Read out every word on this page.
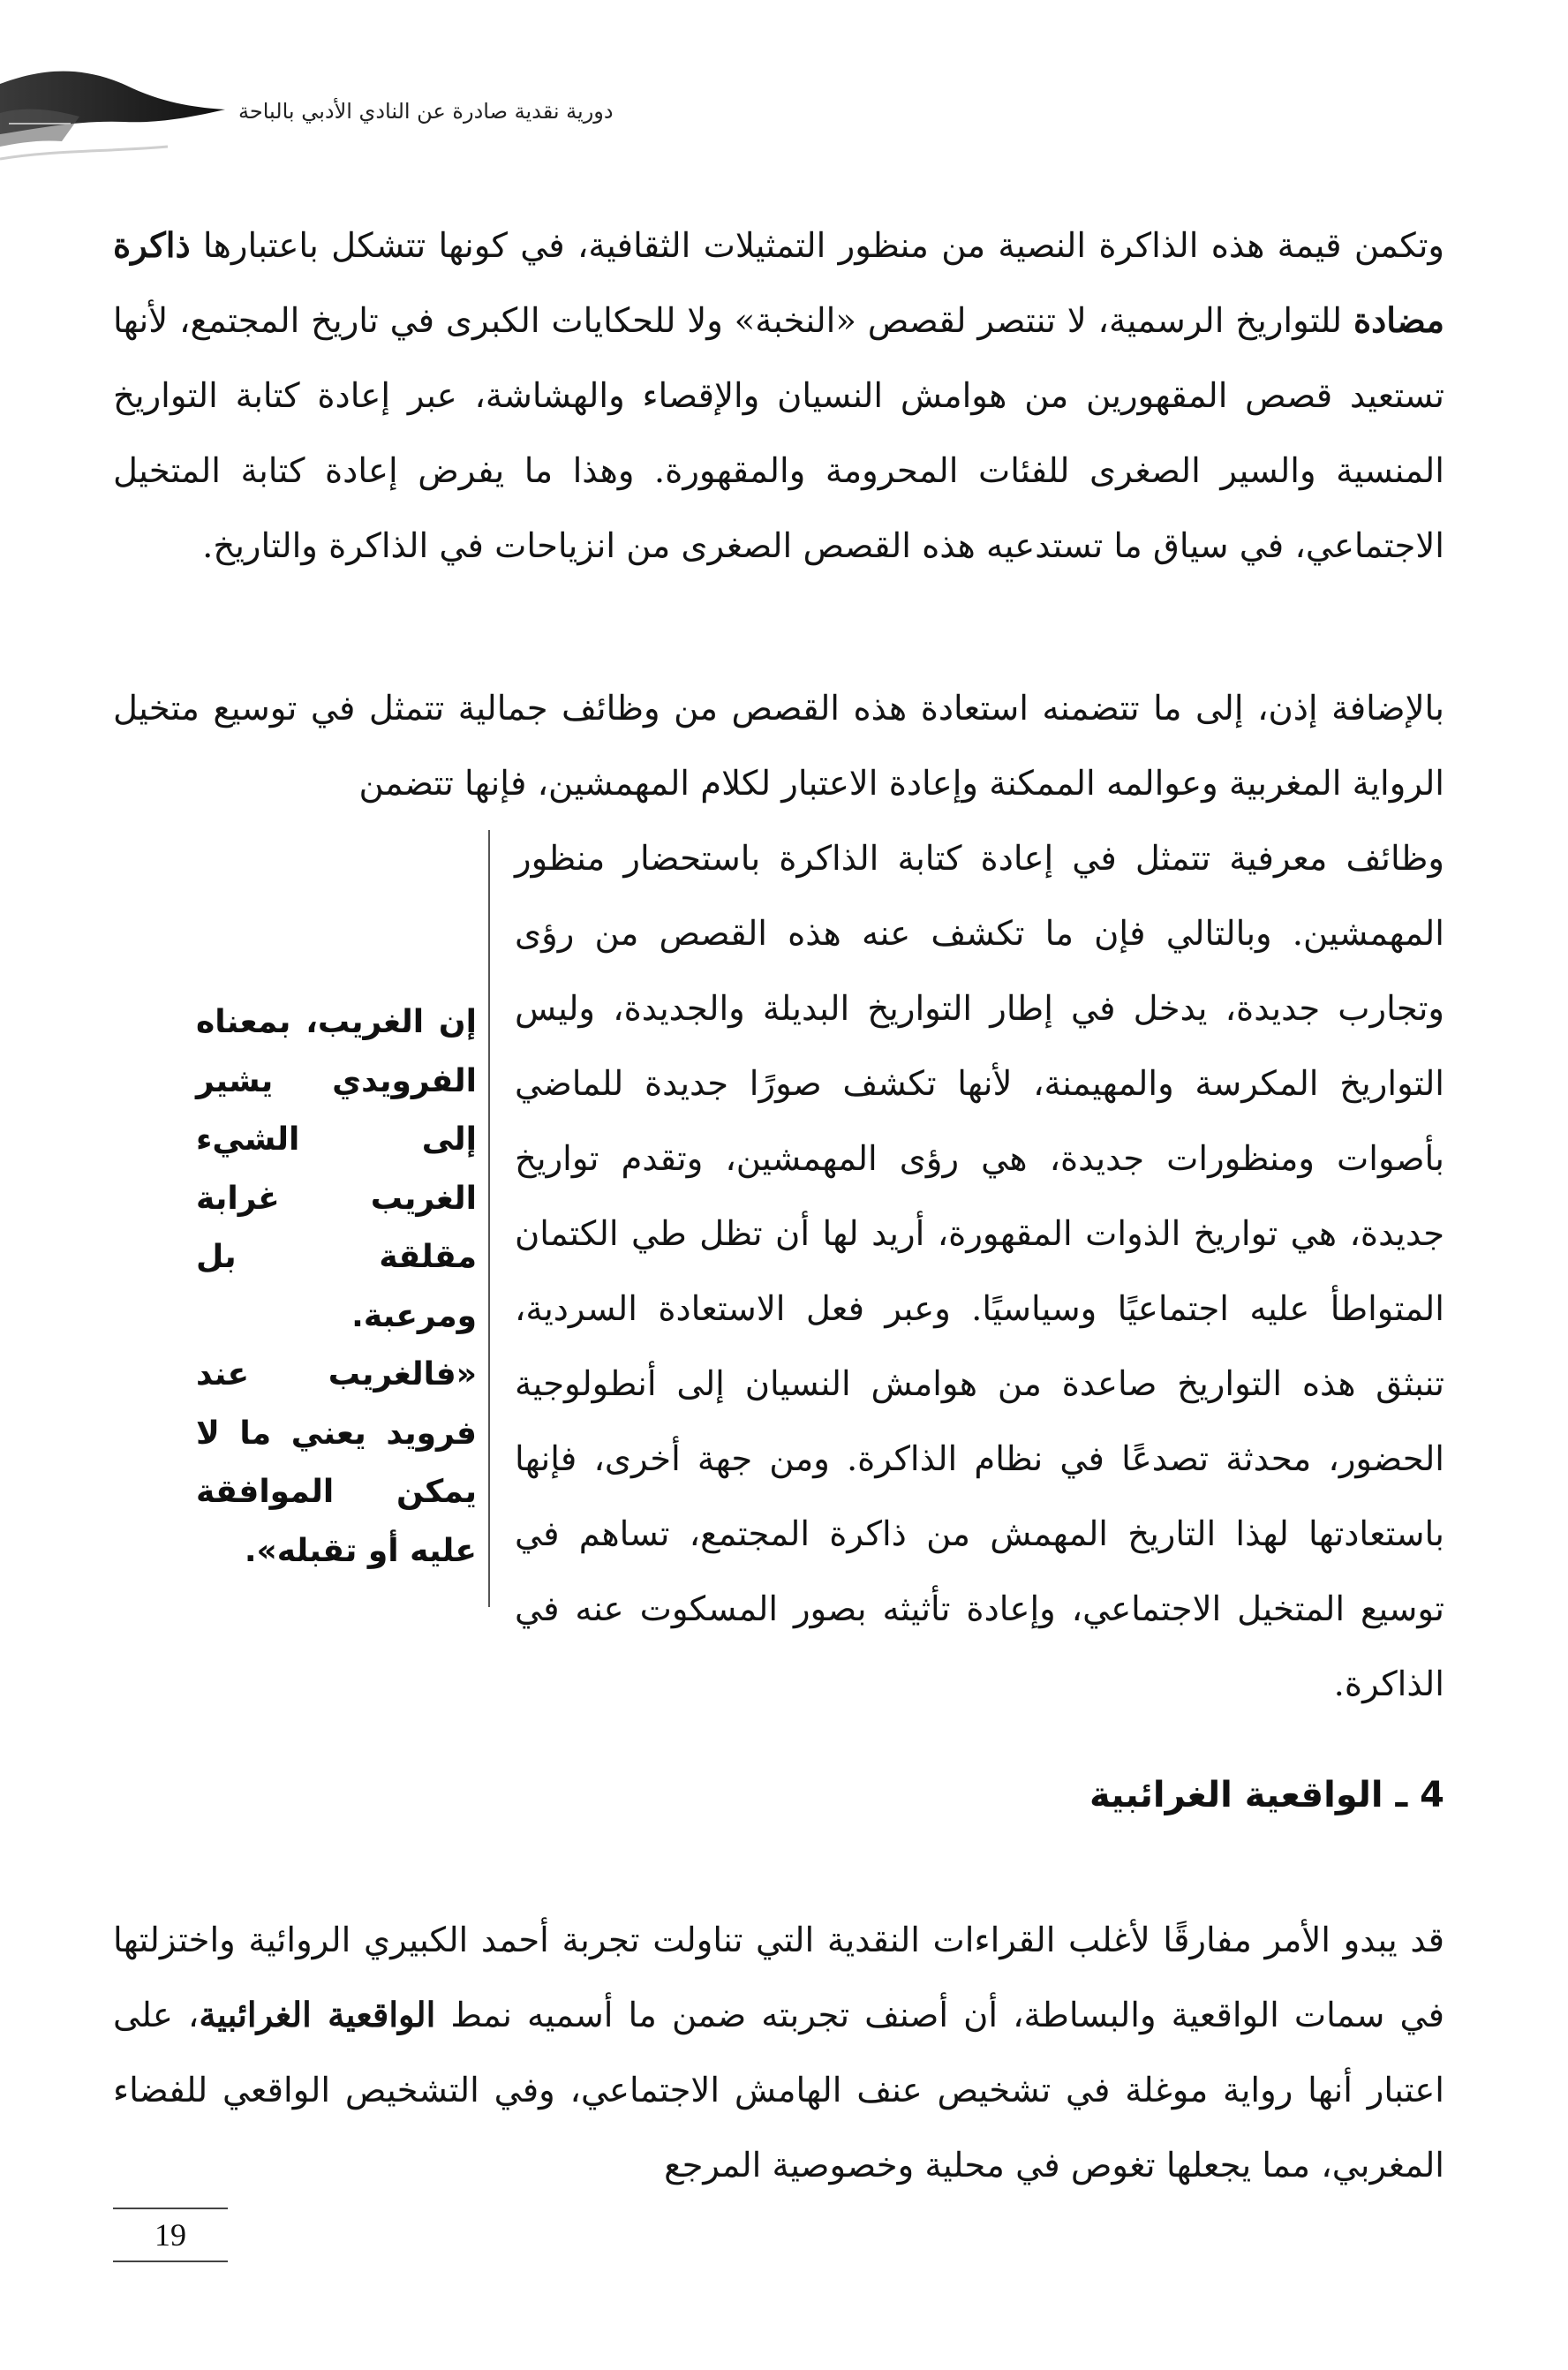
دورية نقدية صادرة عن النادي الأدبي بالباحة
وتكمن قيمة هذه الذاكرة النصية من منظور التمثيلات الثقافية، في كونها تتشكل باعتبارها ذاكرة مضادة للتواريخ الرسمية، لا تنتصر لقصص «النخبة» ولا للحكايات الكبرى في تاريخ المجتمع، لأنها تستعيد قصص المقهورين من هوامش النسيان والإقصاء والهشاشة، عبر إعادة كتابة التواريخ المنسية والسير الصغرى للفئات المحرومة والمقهورة. وهذا ما يفرض إعادة كتابة المتخيل الاجتماعي، في سياق ما تستدعيه هذه القصص الصغرى من انزياحات في الذاكرة والتاريخ.
بالإضافة إذن، إلى ما تتضمنه استعادة هذه القصص من وظائف جمالية تتمثل في توسيع متخيل الرواية المغربية وعوالمه الممكنة وإعادة الاعتبار لكلام المهمشين، فإنها تتضمن
وظائف معرفية تتمثل في إعادة كتابة الذاكرة باستحضار منظور المهمشين. وبالتالي فإن ما تكشف عنه هذه القصص من رؤى وتجارب جديدة، يدخل في إطار التواريخ البديلة والجديدة، وليس التواريخ المكرسة والمهيمنة، لأنها تكشف صورًا جديدة للماضي بأصوات ومنظورات جديدة، هي رؤى المهمشين، وتقدم تواريخ جديدة، هي تواريخ الذوات المقهورة، أريد لها أن تظل طي الكتمان المتواطأ عليه اجتماعيًا وسياسيًا. وعبر فعل الاستعادة السردية، تنبثق هذه التواريخ صاعدة من هوامش النسيان إلى أنطولوجية الحضور، محدثة تصدعًا في نظام الذاكرة. ومن جهة أخرى، فإنها باستعادتها لهذا التاريخ المهمش من ذاكرة المجتمع، تساهم في توسيع المتخيل الاجتماعي، وإعادة تأثيثه بصور المسكوت عنه في الذاكرة.
إن الغريب، بمعناه الفرويدي يشير إلى الشيء الغريب غرابة مقلقة بل ومرعبة. «فالغريب عند فرويد يعني ما لا يمكن الموافقة عليه أو تقبله».
4 ـ الواقعية الغرائبية
قد يبدو الأمر مفارقًا لأغلب القراءات النقدية التي تناولت تجربة أحمد الكبيري الروائية واختزلتها في سمات الواقعية والبساطة، أن أصنف تجربته ضمن ما أسميه نمط الواقعية الغرائبية، على اعتبار أنها رواية موغلة في تشخيص عنف الهامش الاجتماعي، وفي التشخيص الواقعي للفضاء المغربي، مما يجعلها تغوص في محلية وخصوصية المرجع
19
